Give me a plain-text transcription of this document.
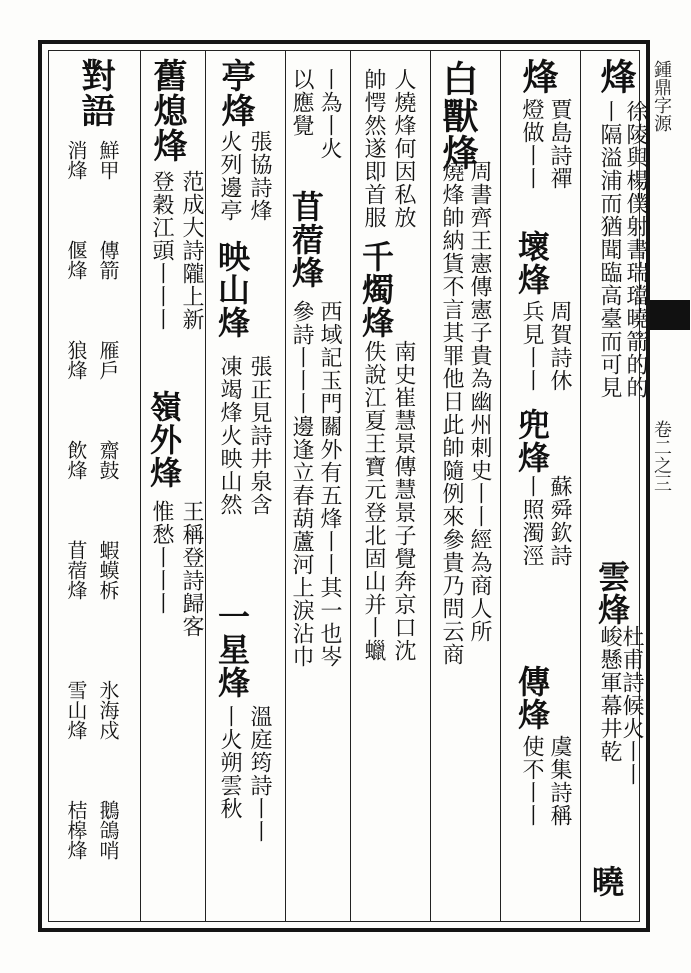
鍾鼎字源
卷二之三
烽
徐陵與楊僕射書瑞璫曉箭的的
丨隔溢浦而猶聞臨高臺而可見
雲烽
杜甫詩候火丨丨
峻懸軍幕井乾
曉
烽
賈島詩禪
燈做丨丨
壞烽
周賀詩休
兵見丨丨
兜烽
蘇舜欽詩
丨照濁涇
傳烽
虞集詩稱
使不丨丨
白獸烽
周書齊王憲傳憲子貴為幽州刺史丨丨經為商人所
燒烽帥納貨不言其罪他日此帥隨例來參貴乃問云商
人燒烽何因私放
帥愕然遂即首服
千燭烽
南史崔慧景傳慧景子覺奔京口沈
佚說江夏王寶元登北固山并丨蠟
丨為丨火
以應覺
苜蓿烽
西域記玉門關外有五烽丨丨其一也岑
參詩丨丨丨邊逢立春葫蘆河上淚沾巾
亭烽
張協詩烽
火列邊亭
映山烽
張正見詩井泉含
凍竭烽火映山然
一星烽
溫庭筠詩丨丨
丨火朔雲秋
舊熄烽
范成大詩隴上新
登穀江頭丨丨丨
嶺外烽
王稱登詩歸客
惟愁丨丨丨
對語
鮮甲
消烽
傳箭
偃烽
雁戶
狼烽
齋鼓
飲烽
蝦蟆柝
苜蓿烽
氷海戍
雪山烽
鵝鴿哨
桔槔烽
